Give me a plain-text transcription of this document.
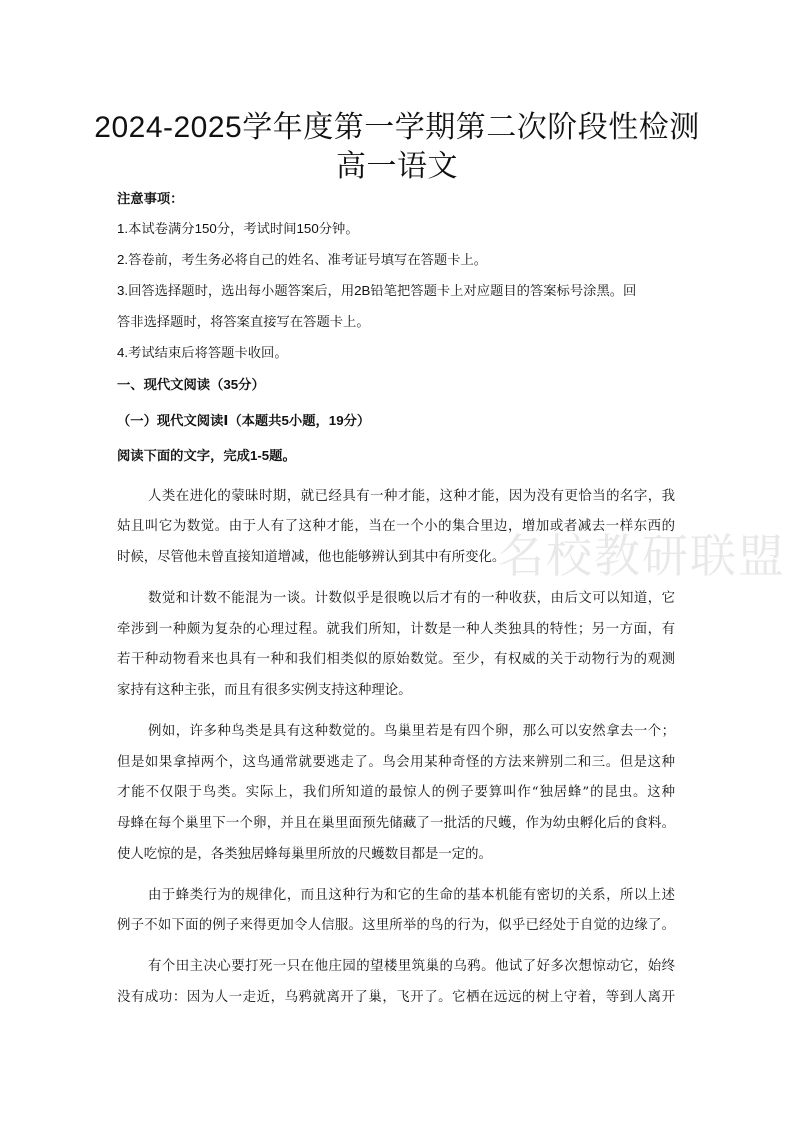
2024-2025学年度第一学期第二次阶段性检测
高一语文
注意事项：
1.本试卷满分150分，考试时间150分钟。
2.答卷前，考生务必将自己的姓名、准考证号填写在答题卡上。
3.回答选择题时，选出每小题答案后，用2B铅笔把答题卡上对应题目的答案标号涂黑。回
答非选择题时，将答案直接写在答题卡上。
4.考试结束后将答题卡收回。
一、现代文阅读（35分）
（一）现代文阅读Ⅰ（本题共5小题，19分）
阅读下面的文字，完成1-5题。
名校教研联盟
人类在进化的蒙昧时期，就已经具有一种才能，这种才能，因为没有更恰当的名字，我
姑且叫它为数觉。由于人有了这种才能，当在一个小的集合里边，增加或者减去一样东西的
时候，尽管他未曾直接知道增减，他也能够辨认到其中有所变化。
数觉和计数不能混为一谈。计数似乎是很晚以后才有的一种收获，由后文可以知道，它
牵涉到一种颇为复杂的心理过程。就我们所知，计数是一种人类独具的特性；另一方面，有
若干种动物看来也具有一种和我们相类似的原始数觉。至少，有权威的关于动物行为的观测
家持有这种主张，而且有很多实例支持这种理论。
例如，许多种鸟类是具有这种数觉的。鸟巢里若是有四个卵，那么可以安然拿去一个；
但是如果拿掉两个，这鸟通常就要逃走了。鸟会用某种奇怪的方法来辨别二和三。但是这种
才能不仅限于鸟类。实际上，我们所知道的最惊人的例子要算叫作“独居蜂”的昆虫。这种
母蜂在每个巢里下一个卵，并且在巢里面预先储藏了一批活的尺蠖，作为幼虫孵化后的食料。
使人吃惊的是，各类独居蜂每巢里所放的尺蠖数目都是一定的。
由于蜂类行为的规律化，而且这种行为和它的生命的基本机能有密切的关系，所以上述
例子不如下面的例子来得更加令人信服。这里所举的鸟的行为，似乎已经处于自觉的边缘了。
有个田主决心要打死一只在他庄园的望楼里筑巢的乌鸦。他试了好多次想惊动它，始终
没有成功：因为人一走近，乌鸦就离开了巢，飞开了。它栖在远远的树上守着，等到人离开
